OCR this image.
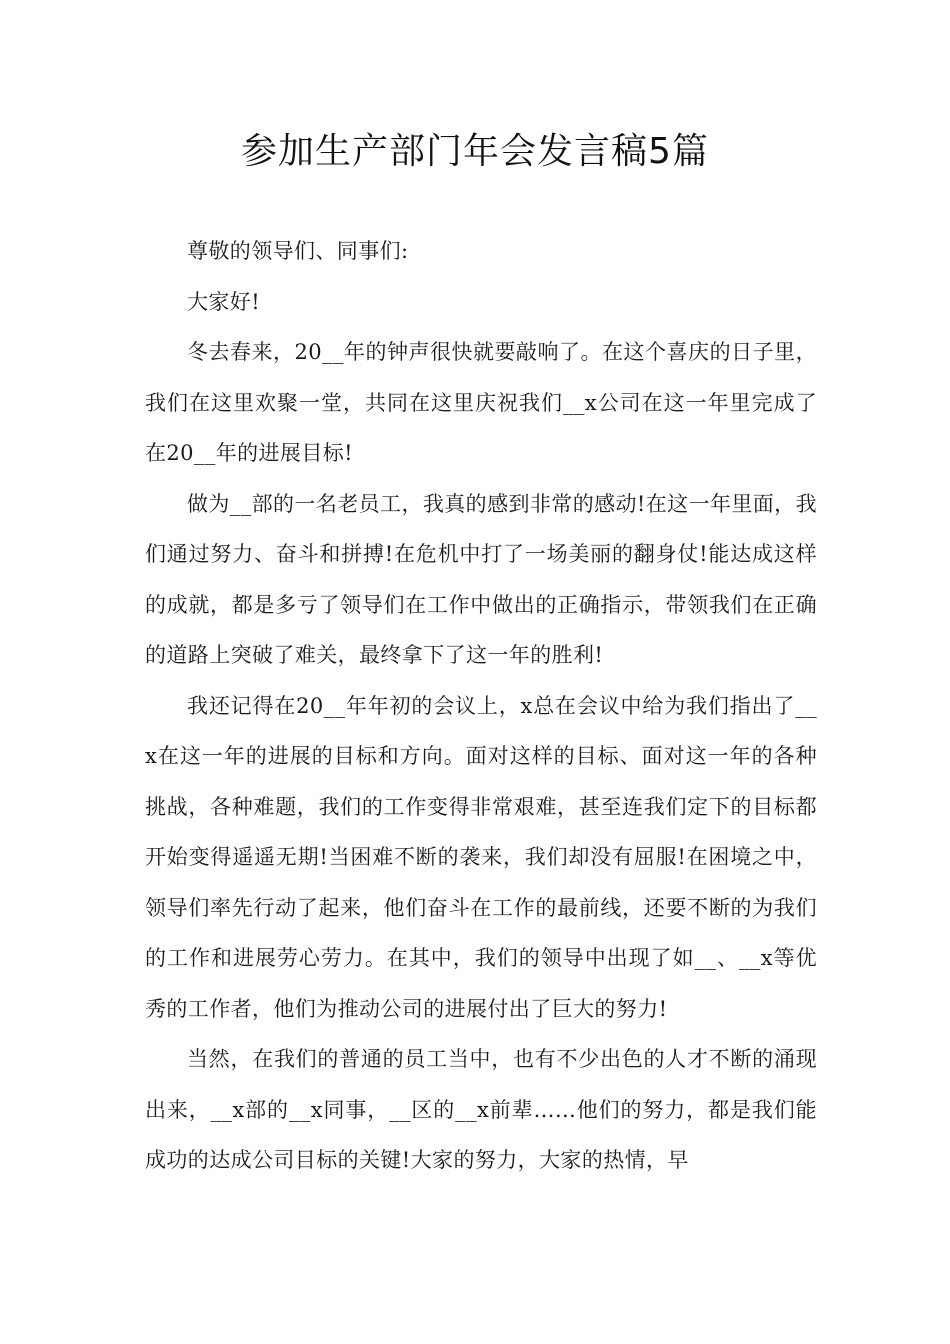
参加生产部门年会发言稿5篇

尊敬的领导们、同事们:

大家好!

冬去春来，20__年的钟声很快就要敲响了。在这个喜庆的日子里，我们在这里欢聚一堂，共同在这里庆祝我们__x公司在这一年里完成了在20__年的进展目标!

做为__部的一名老员工，我真的感到非常的感动!在这一年里面，我们通过努力、奋斗和拼搏!在危机中打了一场美丽的翻身仗!能达成这样的成就，都是多亏了领导们在工作中做出的正确指示，带领我们在正确的道路上突破了难关，最终拿下了这一年的胜利!

我还记得在20__年年初的会议上，x总在会议中给为我们指出了__x在这一年的进展的目标和方向。面对这样的目标、面对这一年的各种挑战，各种难题，我们的工作变得非常艰难，甚至连我们定下的目标都开始变得遥遥无期!当困难不断的袭来，我们却没有屈服!在困境之中，领导们率先行动了起来，他们奋斗在工作的最前线，还要不断的为我们的工作和进展劳心劳力。在其中，我们的领导中出现了如__、__x等优秀的工作者，他们为推动公司的进展付出了巨大的努力!

当然，在我们的普通的员工当中，也有不少出色的人才不断的涌现出来，__x部的__x同事，__区的__x前辈……他们的努力，都是我们能成功的达成公司目标的关键!大家的努力，大家的热情，早
